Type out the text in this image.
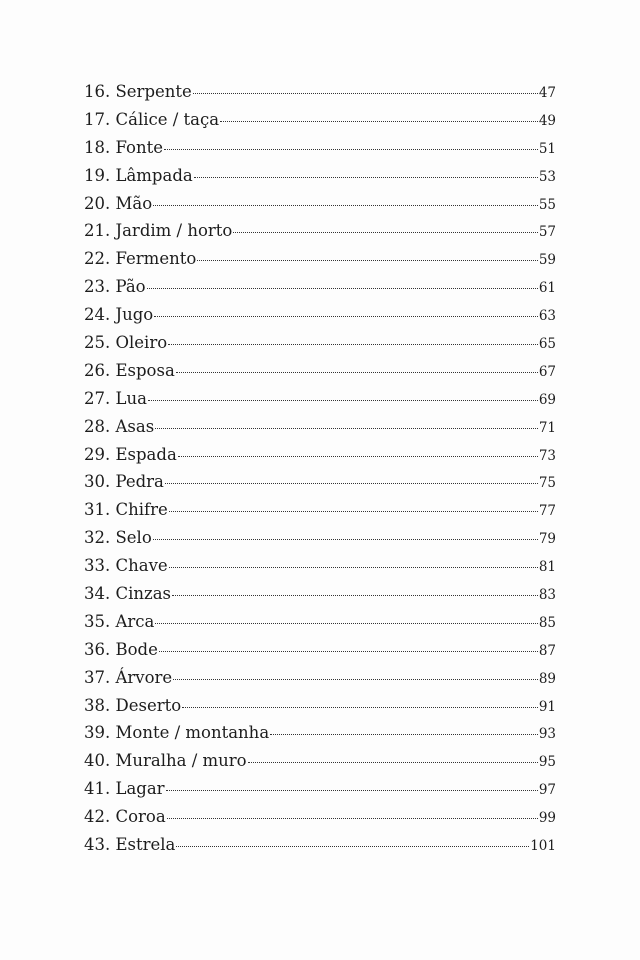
16. Serpente	47
17. Cálice / taça	49
18. Fonte	51
19. Lâmpada	53
20. Mão	55
21. Jardim / horto	57
22. Fermento	59
23. Pão	61
24. Jugo	63
25. Oleiro	65
26. Esposa	67
27. Lua	69
28. Asas	71
29. Espada	73
30. Pedra	75
31. Chifre	77
32. Selo	79
33. Chave	81
34. Cinzas	83
35. Arca	85
36. Bode	87
37. Árvore	89
38. Deserto	91
39. Monte / montanha	93
40. Muralha / muro	95
41. Lagar	97
42. Coroa	99
43. Estrela	101
